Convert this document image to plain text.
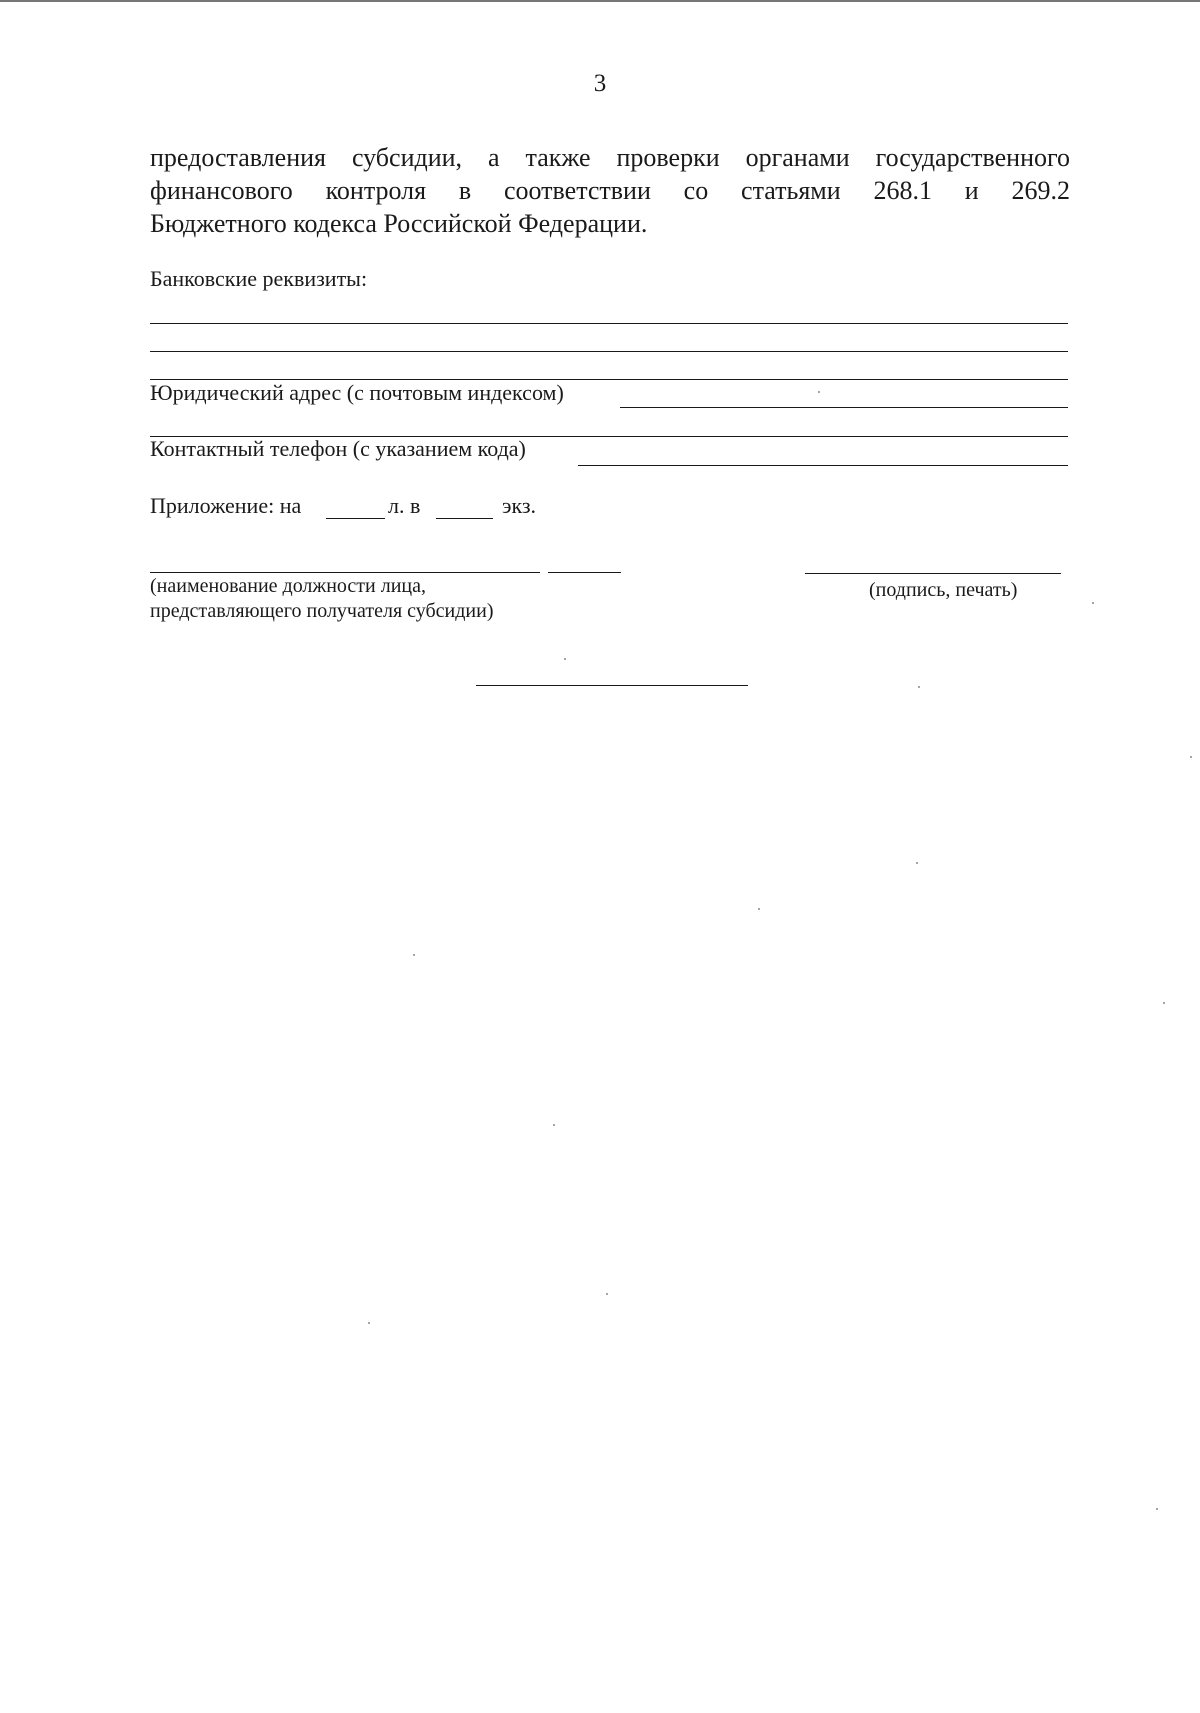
3
предоставления субсидии, а также проверки органами государственного
финансового контроля в соответствии со статьями 268.1 и 269.2
Бюджетного кодекса Российской Федерации.
Банковские реквизиты:
Юридический адрес (с почтовым индексом)
Контактный телефон (с указанием кода)
Приложение: на	л. в	экз.
(наименование должности лица,
представляющего получателя субсидии)
(подпись, печать)
